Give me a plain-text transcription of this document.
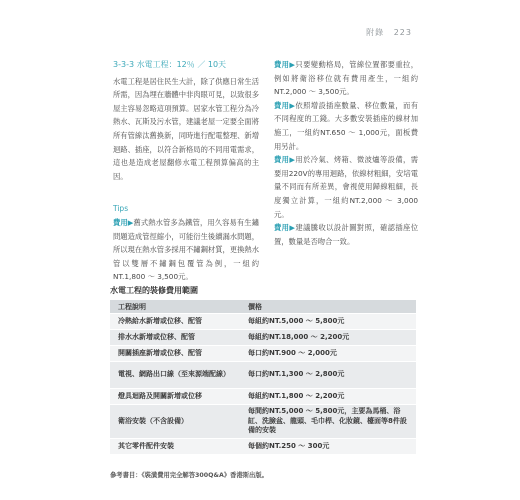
附錄 223
3-3-3 水電工程：12％ ／ 10天

水電工程是居住民生大計，除了供應日常生活所需，因為埋在牆體中非肉眼可見，以致很多屋主容易忽略這項預算。居家水管工程分為冷熱水、瓦斯及污水管，建議老屋一定要全面將所有管線汰舊換新，同時進行配電整理、新增迴路、插座，以符合新格局的不同用電需求，這也是造成老屋翻修水電工程預算偏高的主因。

Tips

費用▶舊式熱水管多為鐵管，用久容易有生鏽問題造成管徑縮小，可能衍生後續漏水問題，所以現在熱水管多採用不鏽鋼材質，更換熱水管以雙層不鏽鋼包覆管為例，一組約NT.1,800 ～ 3,500元。

費用▶只要變動格局，管線位置都要重拉，例如將衛浴移位就有費用產生，一組約NT.2,000 ～ 3,500元。

費用▶依照增設插座數量、移位數量，而有不同程度的工錢。大多數安裝插座的線材加施工，一組約NT.650 ～ 1,000元，面板費用另計。

費用▶用於冷氣、烤箱、微波爐等設備，需要用220V的專用迴路，依線材粗細，安培電量不同而有所差異，會視使用歸線粗細，長度獨立計算，一組約NT.2,000 ～ 3,000元。

費用▶建議騰收以設計圖對照，確認插座位置，數量是否吻合一致。

水電工程的裝修費用範圍
工程說明	價格
冷熱給水新增或位移、配管	每組約NT.5,000 ～ 5,800元
排水水新增或位移、配管	每組約NT.18,000 ～ 2,200元
開關插座新增或位移、配管	每口約NT.900 ～ 2,000元
電視、網路出口線（至來源端配線）	每口約NT.1,300 ～ 2,800元
燈具迴路及開關新增或位移	每組約NT.1,800 ～ 2,200元
衛浴安裝（不含設備）	每間約NT.5,000 ～ 5,800元，主要為馬桶、浴缸、洗臉盆、龍頭、毛巾桿、化妝鏡、檯面等8件設備的安裝
其它零件配件安裝	每個約NT.250 ～ 300元
參考書目：《裝潢費用完全解答300Q&A》香港斯出版。
